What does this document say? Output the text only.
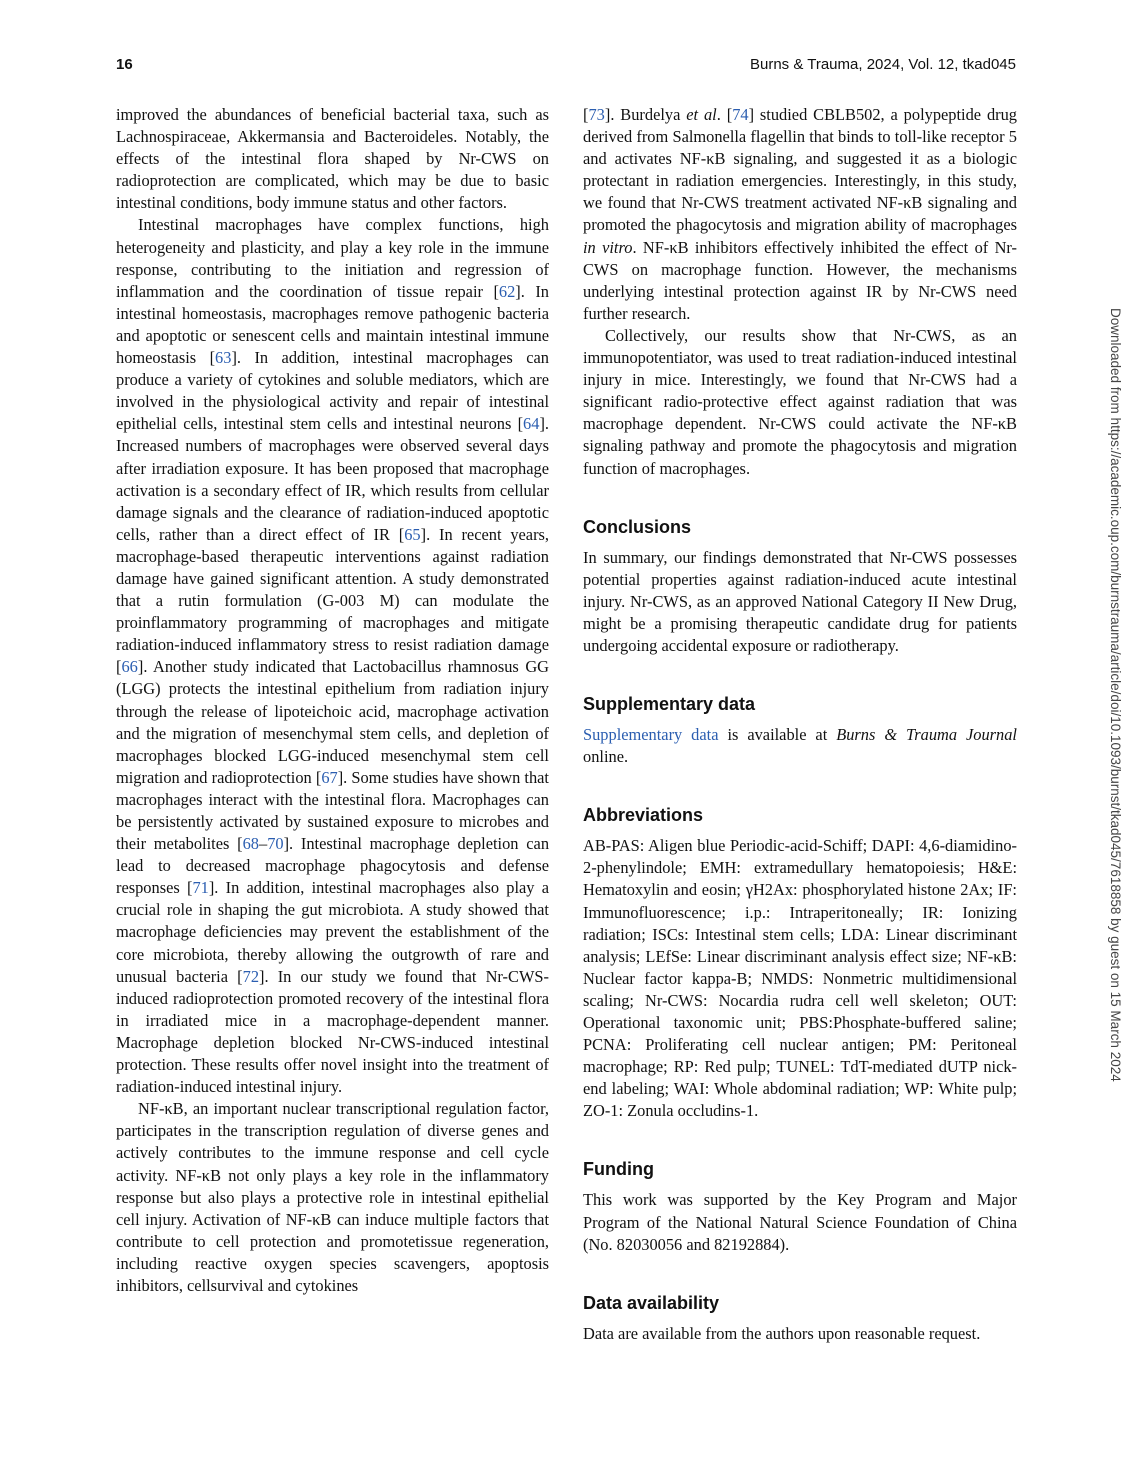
16	Burns & Trauma, 2024, Vol. 12, tkad045

improved the abundances of beneficial bacterial taxa, such as Lachnospiraceae, Akkermansia and Bacteroideles. Notably, the effects of the intestinal flora shaped by Nr-CWS on radioprotection are complicated, which may be due to basic intestinal conditions, body immune status and other factors.

Intestinal macrophages have complex functions, high heterogeneity and plasticity, and play a key role in the immune response, contributing to the initiation and regression of inflammation and the coordination of tissue repair [62]. In intestinal homeostasis, macrophages remove pathogenic bacteria and apoptotic or senescent cells and maintain intestinal immune homeostasis [63]. In addition, intestinal macrophages can produce a variety of cytokines and soluble mediators, which are involved in the physiological activity and repair of intestinal epithelial cells, intestinal stem cells and intestinal neurons [64]. Increased numbers of macrophages were observed several days after irradiation exposure. It has been proposed that macrophage activation is a secondary effect of IR, which results from cellular damage signals and the clearance of radiation-induced apoptotic cells, rather than a direct effect of IR [65]. In recent years, macrophage-based therapeutic interventions against radiation damage have gained significant attention. A study demonstrated that a rutin formulation (G-003 M) can modulate the proinflammatory programming of macrophages and mitigate radiation-induced inflammatory stress to resist radiation damage [66]. Another study indicated that Lactobacillus rhamnosus GG (LGG) protects the intestinal epithelium from radiation injury through the release of lipoteichoic acid, macrophage activation and the migration of mesenchymal stem cells, and depletion of macrophages blocked LGG-induced mesenchymal stem cell migration and radioprotection [67]. Some studies have shown that macrophages interact with the intestinal flora. Macrophages can be persistently activated by sustained exposure to microbes and their metabolites [68–70]. Intestinal macrophage depletion can lead to decreased macrophage phagocytosis and defense responses [71]. In addition, intestinal macrophages also play a crucial role in shaping the gut microbiota. A study showed that macrophage deficiencies may prevent the establishment of the core microbiota, thereby allowing the outgrowth of rare and unusual bacteria [72]. In our study we found that Nr-CWS-induced radioprotection promoted recovery of the intestinal flora in irradiated mice in a macrophage-dependent manner. Macrophage depletion blocked Nr-CWS-induced intestinal protection. These results offer novel insight into the treatment of radiation-induced intestinal injury.

NF-κB, an important nuclear transcriptional regulation factor, participates in the transcription regulation of diverse genes and actively contributes to the immune response and cell cycle activity. NF-κB not only plays a key role in the inflammatory response but also plays a protective role in intestinal epithelial cell injury. Activation of NF-κB can induce multiple factors that contribute to cell protection and promotetissue regeneration, including reactive oxygen species scavengers, apoptosis inhibitors, cellsurvival and cytokines

[73]. Burdelya et al. [74] studied CBLB502, a polypeptide drug derived from Salmonella flagellin that binds to toll-like receptor 5 and activates NF-κB signaling, and suggested it as a biologic protectant in radiation emergencies. Interestingly, in this study, we found that Nr-CWS treatment activated NF-κB signaling and promoted the phagocytosis and migration ability of macrophages in vitro. NF-κB inhibitors effectively inhibited the effect of Nr-CWS on macrophage function. However, the mechanisms underlying intestinal protection against IR by Nr-CWS need further research.

Collectively, our results show that Nr-CWS, as an immunopotentiator, was used to treat radiation-induced intestinal injury in mice. Interestingly, we found that Nr-CWS had a significant radio-protective effect against radiation that was macrophage dependent. Nr-CWS could activate the NF-κB signaling pathway and promote the phagocytosis and migration function of macrophages.

Conclusions

In summary, our findings demonstrated that Nr-CWS possesses potential properties against radiation-induced acute intestinal injury. Nr-CWS, as an approved National Category II New Drug, might be a promising therapeutic candidate drug for patients undergoing accidental exposure or radiotherapy.

Supplementary data

Supplementary data is available at Burns & Trauma Journal online.

Abbreviations

AB-PAS: Aligen blue Periodic-acid-Schiff; DAPI: 4,6-diamidino-2-phenylindole; EMH: extramedullary hematopoiesis; H&E: Hematoxylin and eosin; γH2Ax: phosphorylated histone 2Ax; IF: Immunofluorescence; i.p.: Intraperitoneally; IR: Ionizing radiation; ISCs: Intestinal stem cells; LDA: Linear discriminant analysis; LEfSe: Linear discriminant analysis effect size; NF-κB: Nuclear factor kappa-B; NMDS: Nonmetric multidimensional scaling; Nr-CWS: Nocardia rudra cell well skeleton; OUT: Operational taxonomic unit; PBS:Phosphate-buffered saline; PCNA: Proliferating cell nuclear antigen; PM: Peritoneal macrophage; RP: Red pulp; TUNEL: TdT-mediated dUTP nick-end labeling; WAI: Whole abdominal radiation; WP: White pulp; ZO-1: Zonula occludins-1.

Funding

This work was supported by the Key Program and Major Program of the National Natural Science Foundation of China (No. 82030056 and 82192884).

Data availability

Data are available from the authors upon reasonable request.

Downloaded from https://academic.oup.com/burnstrauma/article/doi/10.1093/burnst/tkad045/7618858 by guest on 15 March 2024
